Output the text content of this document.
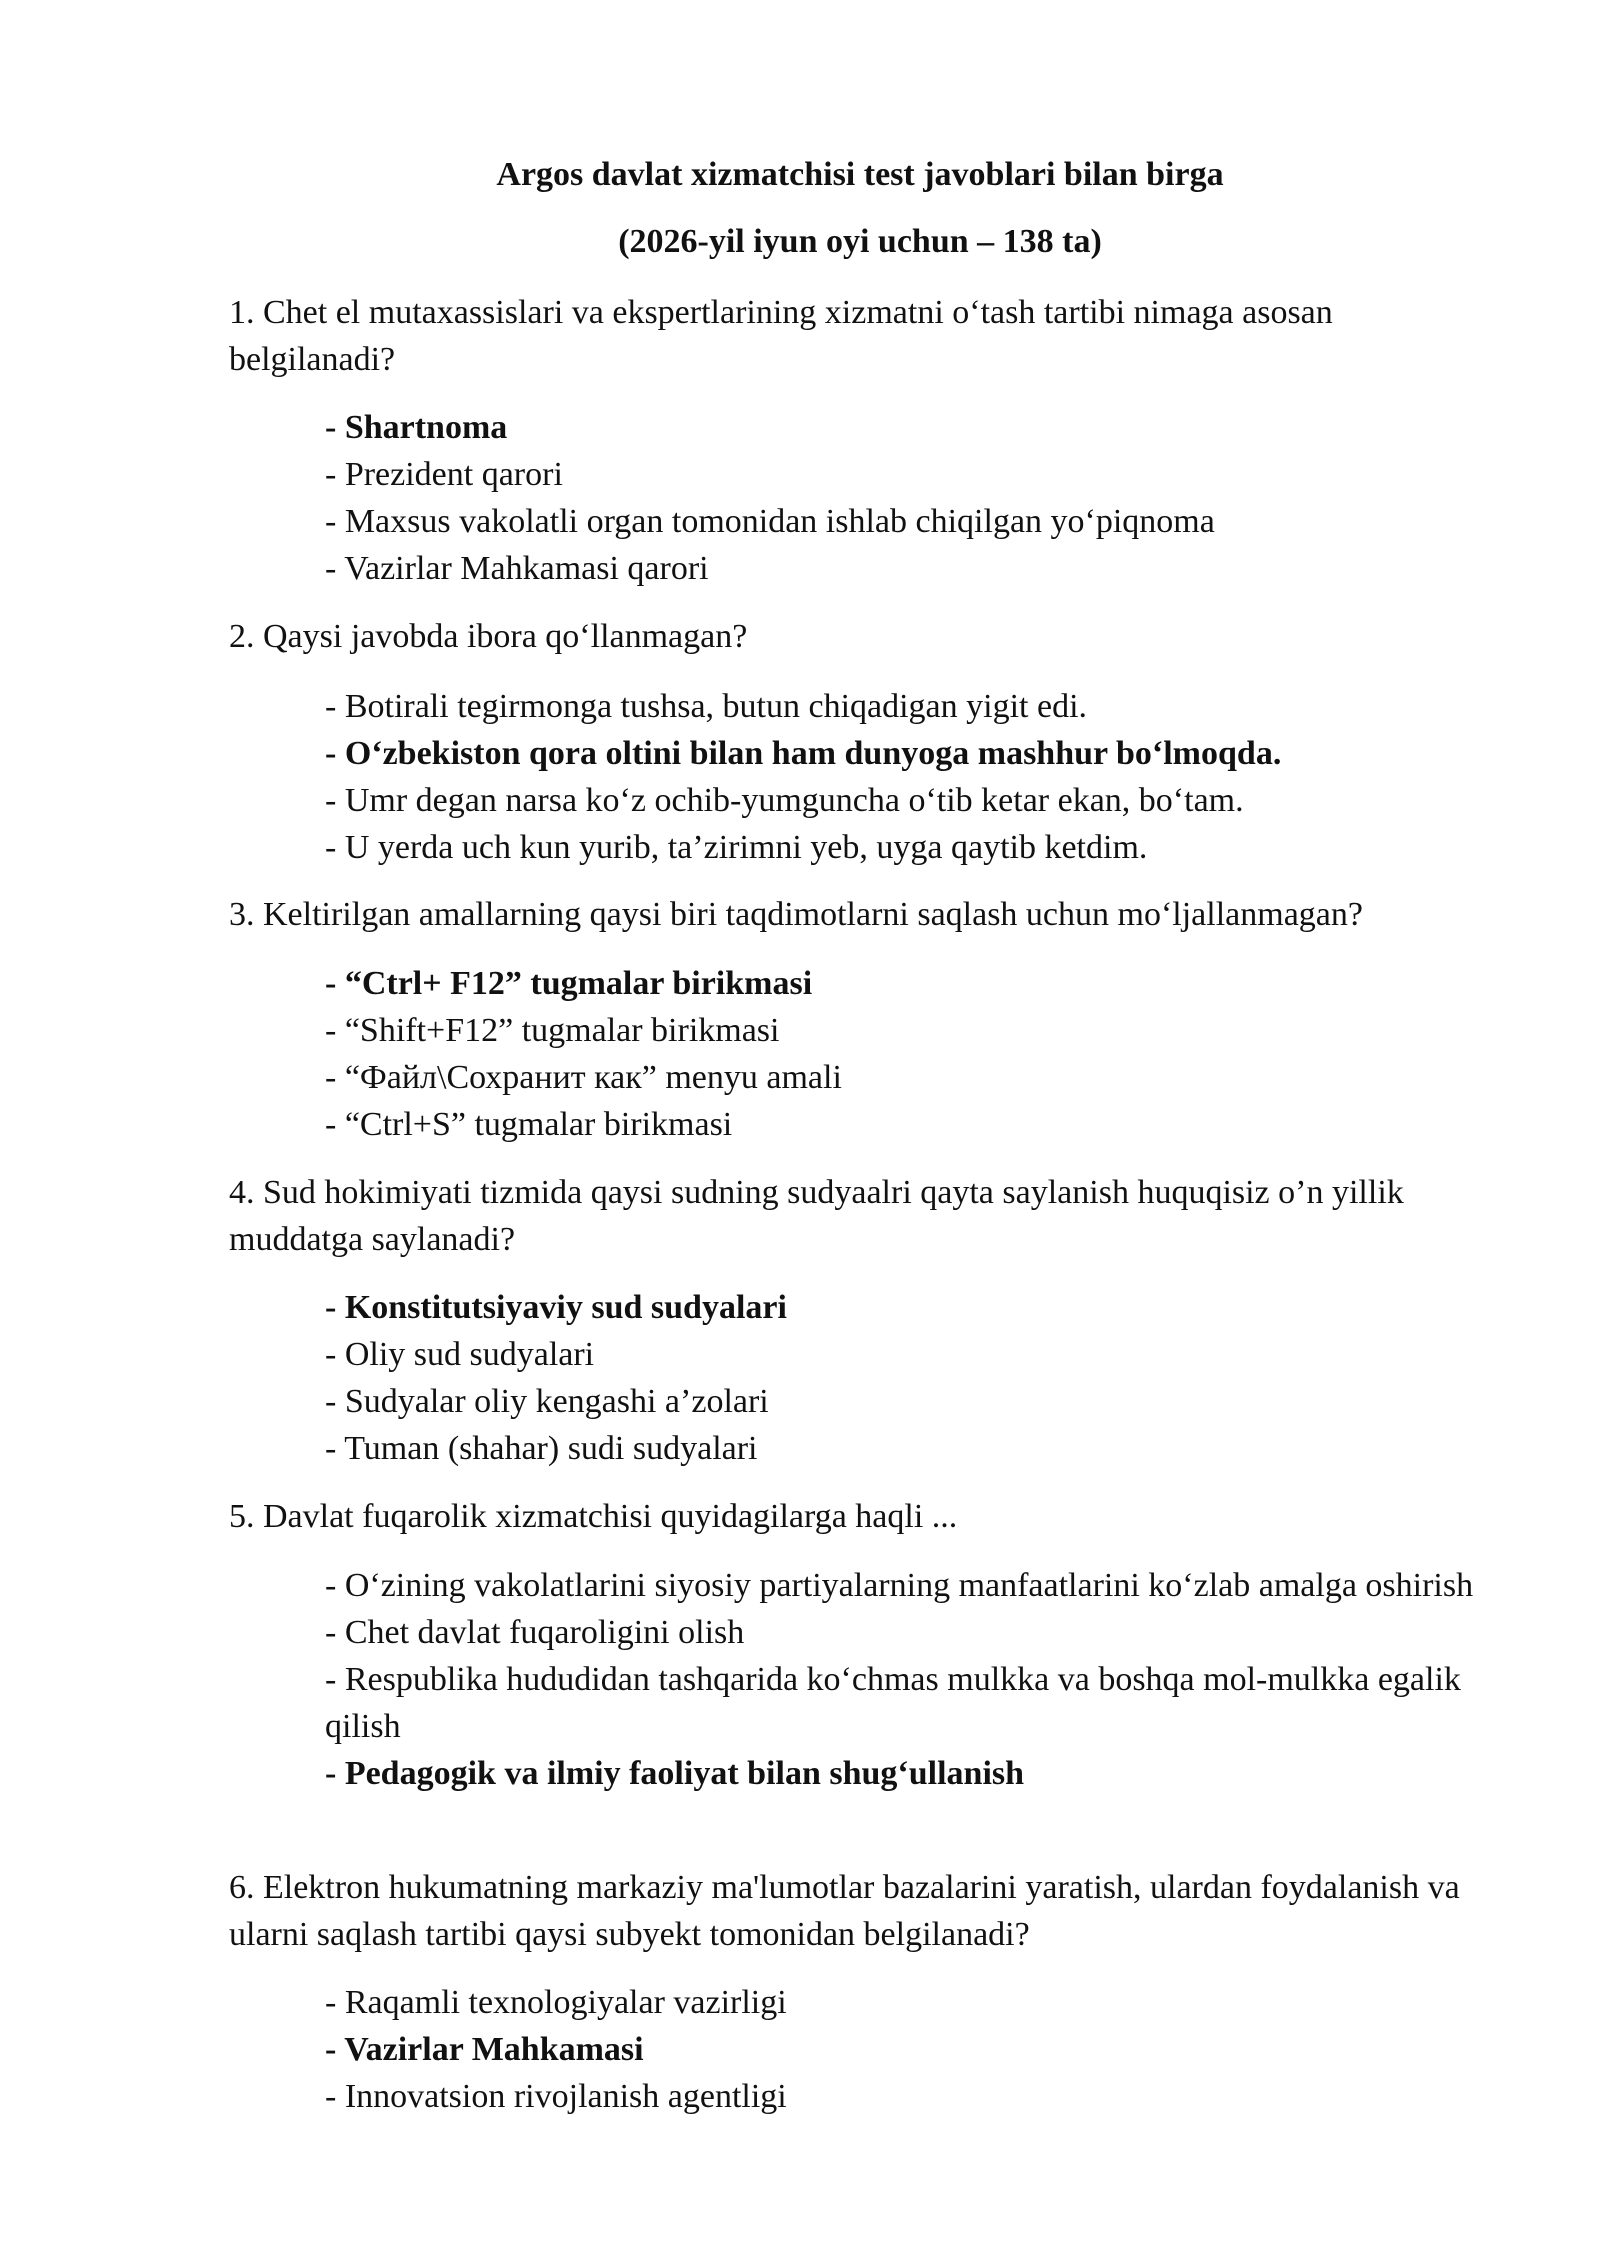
Argos davlat xizmatchisi test javoblari bilan birga
(2026-yil iyun oyi uchun – 138 ta)
1. Chet el mutaxassislari va ekspertlarining xizmatni o‘tash tartibi nimaga asosan belgilanadi?
- Shartnoma
- Prezident qarori
- Maxsus vakolatli organ tomonidan ishlab chiqilgan yo‘piqnoma
- Vazirlar Mahkamasi qarori
2. Qaysi javobda ibora qo‘llanmagan?
- Botirali tegirmonga tushsa, butun chiqadigan yigit edi.
- O‘zbekiston qora oltini bilan ham dunyoga mashhur bo‘lmoqda.
- Umr degan narsa ko‘z ochib-yumguncha o‘tib ketar ekan, bo‘tam.
- U yerda uch kun yurib, ta’zirimni yeb, uyga qaytib ketdim.
3. Keltirilgan amallarning qaysi biri taqdimotlarni saqlash uchun mo‘ljallanmagan?
- “Ctrl+ F12” tugmalar birikmasi
- “Shift+F12” tugmalar birikmasi
- “Файл\Сохранит как” menyu amali
- “Ctrl+S” tugmalar birikmasi
4. Sud hokimiyati tizmida qaysi sudning sudyaalri qayta saylanish huquqisiz o’n yillik muddatga saylanadi?
- Konstitutsiyaviy sud sudyalari
- Oliy sud sudyalari
- Sudyalar oliy kengashi a’zolari
- Tuman (shahar) sudi sudyalari
5. Davlat fuqarolik xizmatchisi quyidagilarga haqli ...
- O‘zining vakolatlarini siyosiy partiyalarning manfaatlarini ko‘zlab amalga oshirish
- Chet davlat fuqaroligini olish
- Respublika hududidan tashqarida ko‘chmas mulkka va boshqa mol-mulkka egalik qilish
- Pedagogik va ilmiy faoliyat bilan shug‘ullanish
6. Elektron hukumatning markaziy ma'lumotlar bazalarini yaratish, ulardan foydalanish va ularni saqlash tartibi qaysi subyekt tomonidan belgilanadi?
- Raqamli texnologiyalar vazirligi
- Vazirlar Mahkamasi
- Innovatsion rivojlanish agentligi
